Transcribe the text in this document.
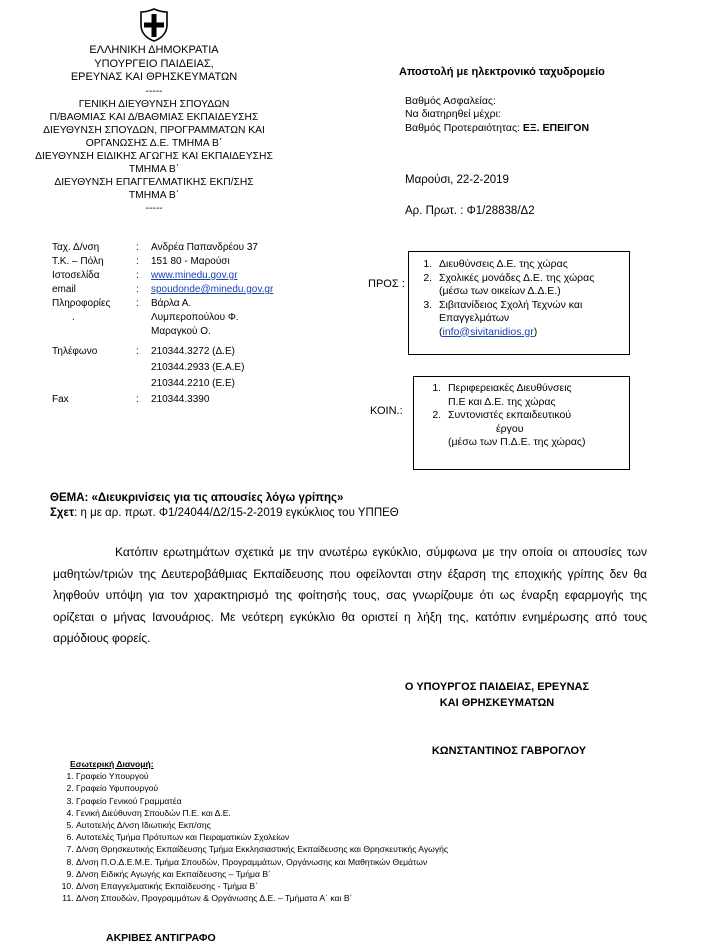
ΕΛΛΗΝΙΚΗ ΔΗΜΟΚΡΑΤΙΑ
ΥΠΟΥΡΓΕΙΟ ΠΑΙΔΕΙΑΣ,
ΕΡΕΥΝΑΣ ΚΑΙ ΘΡΗΣΚΕΥΜΑΤΩΝ
-----
ΓΕΝΙΚΗ ΔΙΕΥΘΥΝΣΗ ΣΠΟΥΔΩΝ
Π/ΒΑΘΜΙΑΣ ΚΑΙ Δ/ΒΑΘΜΙΑΣ ΕΚΠΑΙΔΕΥΣΗΣ
ΔΙΕΥΘΥΝΣΗ ΣΠΟΥΔΩΝ, ΠΡΟΓΡΑΜΜΑΤΩΝ ΚΑΙ
ΟΡΓΑΝΩΣΗΣ Δ.Ε. ΤΜΗΜΑ Β΄
ΔΙΕΥΘΥΝΣΗ ΕΙΔΙΚΗΣ ΑΓΩΓΗΣ ΚΑΙ ΕΚΠΑΙΔΕΥΣΗΣ
ΤΜΗΜΑ Β΄
ΔΙΕΥΘΥΝΣΗ ΕΠΑΓΓΕΛΜΑΤΙΚΗΣ ΕΚΠ/ΣΗΣ
ΤΜΗΜΑ Β΄
-----
Αποστολή με ηλεκτρονικό ταχυδρομείο
Βαθμός Ασφαλείας:
Να διατηρηθεί μέχρι:
Βαθμός Προτεραιότητας: ΕΞ. ΕΠΕΙΓΟΝ
Μαρούσι, 22-2-2019
Αρ. Πρωτ. : Φ1/28838/Δ2
Ταχ. Δ/νση	:	Ανδρέα Παπανδρέου 37
Τ.Κ. – Πόλη	:	151 80 - Μαρούσι
Ιστοσελίδα	:	www.minedu.gov.gr
email	:	spoudonde@minedu.gov.gr
Πληροφορίες	:	Βάρλα Α.
.	Λυμπεροπούλου Φ.
Μαραγκού Ο.
Τηλέφωνο	:	210344.3272 (Δ.Ε)
210344.2933 (Ε.Α.Ε)
210344.2210 (Ε.Ε)
Fax	:	210344.3390
ΠΡΟΣ :
1. Διευθύνσεις Δ.Ε. της χώρας
2. Σχολικές μονάδες Δ.Ε. της χώρας
(μέσω των οικείων Δ.Δ.Ε.)
3. Σιβιτανίδειος Σχολή Τεχνών και
Επαγγελμάτων
(info@sivitanidios.gr)
ΚΟΙΝ.:
1. Περιφερειακές Διευθύνσεις
Π.Ε και Δ.Ε. της χώρας
2. Συντονιστές εκπαιδευτικού
έργου
(μέσω των Π.Δ.Ε. της χώρας)
ΘΕΜΑ: «Διευκρινίσεις για τις απουσίες λόγω γρίπης»
Σχετ: η με αρ. πρωτ. Φ1/24044/Δ2/15-2-2019 εγκύκλιος του ΥΠΠΕΘ
Κατόπιν ερωτημάτων σχετικά με την ανωτέρω εγκύκλιο, σύμφωνα με την οποία οι απουσίες των μαθητών/τριών της Δευτεροβάθμιας Εκπαίδευσης που οφείλονται στην έξαρση της εποχικής γρίπης δεν θα ληφθούν υπόψη για τον χαρακτηρισμό της φοίτησής τους, σας γνωρίζουμε ότι ως έναρξη εφαρμογής της ορίζεται ο μήνας Ιανουάριος. Με νεότερη εγκύκλιο θα οριστεί η λήξη της, κατόπιν ενημέρωσης από τους αρμόδιους φορείς.
Ο ΥΠΟΥΡΓΟΣ ΠΑΙΔΕΙΑΣ, ΕΡΕΥΝΑΣ
ΚΑΙ ΘΡΗΣΚΕΥΜΑΤΩΝ
ΚΩΝΣΤΑΝΤΙΝΟΣ ΓΑΒΡΟΓΛΟΥ
Εσωτερική Διανομή:
1. Γραφείο Υπουργού
2. Γραφείο Υφυπουργού
3. Γραφείο Γενικού Γραμματέα
4. Γενική Διεύθυνση Σπουδών Π.Ε. και Δ.Ε.
5. Αυτοτελής Δ/νση Ιδιωτικής Εκπ/σης
6. Αυτοτελές Τμήμα Πρότυπων και Πειραματικών Σχολείων
7. Δ/νση Θρησκευτικής Εκπαίδευσης Τμήμα Εκκλησιαστικής Εκπαίδευσης και Θρησκευτικής Αγωγής
8. Δ/νση Π.Ο.Δ.Ε.Μ.Ε. Τμήμα Σπουδών, Προγραμμάτων, Οργάνωσης και Μαθητικών Θεμάτων
9. Δ/νση Ειδικής Αγωγής και Εκπαίδευσης – Τμήμα Β΄
10. Δ/νση Επαγγελματικής Εκπαίδευσης - Τμήμα Β΄
11. Δ/νση Σπουδών, Προγραμμάτων & Οργάνωσης Δ.Ε. – Τμήματα Α΄ και Β΄
ΑΚΡΙΒΕΣ ΑΝΤΙΓΡΑΦΟ
